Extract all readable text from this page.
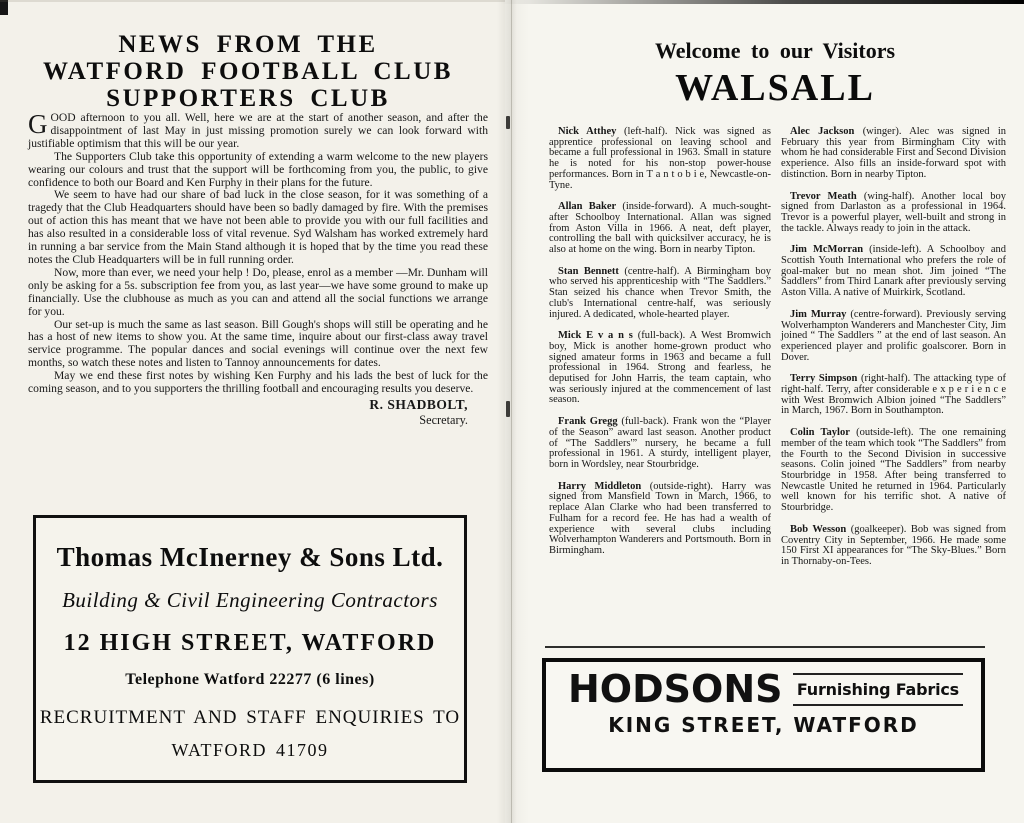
NEWS FROM THE
WATFORD FOOTBALL CLUB
SUPPORTERS CLUB

GOOD afternoon to you all. Well, here we are at the start of another season, and after the disappointment of last May in just missing promotion surely we can look forward with justifiable optimism that this will be our year.

The Supporters Club take this opportunity of extending a warm welcome to the new players wearing our colours and trust that the support will be forthcoming from you, the public, to give confidence to both our Board and Ken Furphy in their plans for the future.

We seem to have had our share of bad luck in the close season, for it was something of a tragedy that the Club Headquarters should have been so badly damaged by fire. With the premises out of action this has meant that we have not been able to provide you with our full facilities and has also resulted in a considerable loss of vital revenue. Syd Walsham has worked extremely hard in running a bar service from the Main Stand although it is hoped that by the time you read these notes the Club Headquarters will be in full running order.

Now, more than ever, we need your help ! Do, please, enrol as a member —Mr. Dunham will only be asking for a 5s. subscription fee from you, as last year—we have some ground to make up financially. Use the clubhouse as much as you can and attend all the social functions we arrange for you.

Our set-up is much the same as last season. Bill Gough's shops will still be operating and he has a host of new items to show you. At the same time, inquire about our first-class away travel service programme. The popular dances and social evenings will continue over the next few months, so watch these notes and listen to Tannoy announcements for dates.

May we end these first notes by wishing Ken Furphy and his lads the best of luck for the coming season, and to you supporters the thrilling football and encouraging results you deserve.

R. SHADBOLT,
Secretary.
Thomas McInerney & Sons Ltd.
Building & Civil Engineering Contractors
12 HIGH STREET, WATFORD
Telephone Watford 22277 (6 lines)
RECRUITMENT AND STAFF ENQUIRIES TO
WATFORD 41709
Welcome to our Visitors
WALSALL

Nick Atthey (left-half). Nick was signed as apprentice professional on leaving school and became a full professional in 1963. Small in stature he is noted for his non-stop power-house performances. Born in T a n t o b i e, Newcastle-on-Tyne.

Allan Baker (inside-forward). A much-sought-after Schoolboy International. Allan was signed from Aston Villa in 1966. A neat, deft player, controlling the ball with quicksilver accuracy, he is also at home on the wing. Born in nearby Tipton.

Stan Bennett (centre-half). A Birmingham boy who served his apprenticeship with “The Saddlers.” Stan seized his chance when Trevor Smith, the club's International centre-half, was seriously injured. A dedicated, whole-hearted player.

Mick E v a n s (full-back). A West Bromwich boy, Mick is another home-grown product who signed amateur forms in 1963 and became a full professional in 1964. Strong and fearless, he deputised for John Harris, the team captain, who was seriously injured at the commencement of last season.

Frank Gregg (full-back). Frank won the “Player of the Season” award last season. Another product of “The Saddlers'” nursery, he became a full professional in 1961. A sturdy, intelligent player, born in Wordsley, near Stourbridge.

Harry Middleton (outside-right). Harry was signed from Mansfield Town in March, 1966, to replace Alan Clarke who had been transferred to Fulham for a record fee. He has had a wealth of experience with several clubs including Wolverhampton Wanderers and Portsmouth. Born in Birmingham.

Alec Jackson (winger). Alec was signed in February this year from Birmingham City with whom he had considerable First and Second Division experience. Also fills an inside-forward spot with distinction. Born in nearby Tipton.

Trevor Meath (wing-half). Another local boy signed from Darlaston as a professional in 1964. Trevor is a powerful player, well-built and strong in the tackle. Always ready to join in the attack.

Jim McMorran (inside-left). A Schoolboy and Scottish Youth International who prefers the role of goal-maker but no mean shot. Jim joined “The Saddlers” from Third Lanark after previously serving Aston Villa. A native of Muirkirk, Scotland.

Jim Murray (centre-forward). Previously serving Wolverhampton Wanderers and Manchester City, Jim joined “ The Saddlers ” at the end of last season. An experienced player and prolific goalscorer. Born in Dover.

Terry Simpson (right-half). The attacking type of right-half. Terry, after considerable e x p e r i e n c e with West Bromwich Albion joined “The Saddlers” in March, 1967. Born in Southampton.

Colin Taylor (outside-left). The one remaining member of the team which took “The Saddlers” from the Fourth to the Second Division in successive seasons. Colin joined “The Saddlers” from nearby Stourbridge in 1958. After being transferred to Newcastle United he returned in 1964. Particularly well known for his terrific shot. A native of Stourbridge.

Bob Wesson (goalkeeper). Bob was signed from Coventry City in September, 1966. He made some 150 First XI appearances for “The Sky-Blues.” Born in Thornaby-on-Tees.

HODSONS Furnishing Fabrics
KING STREET, WATFORD
